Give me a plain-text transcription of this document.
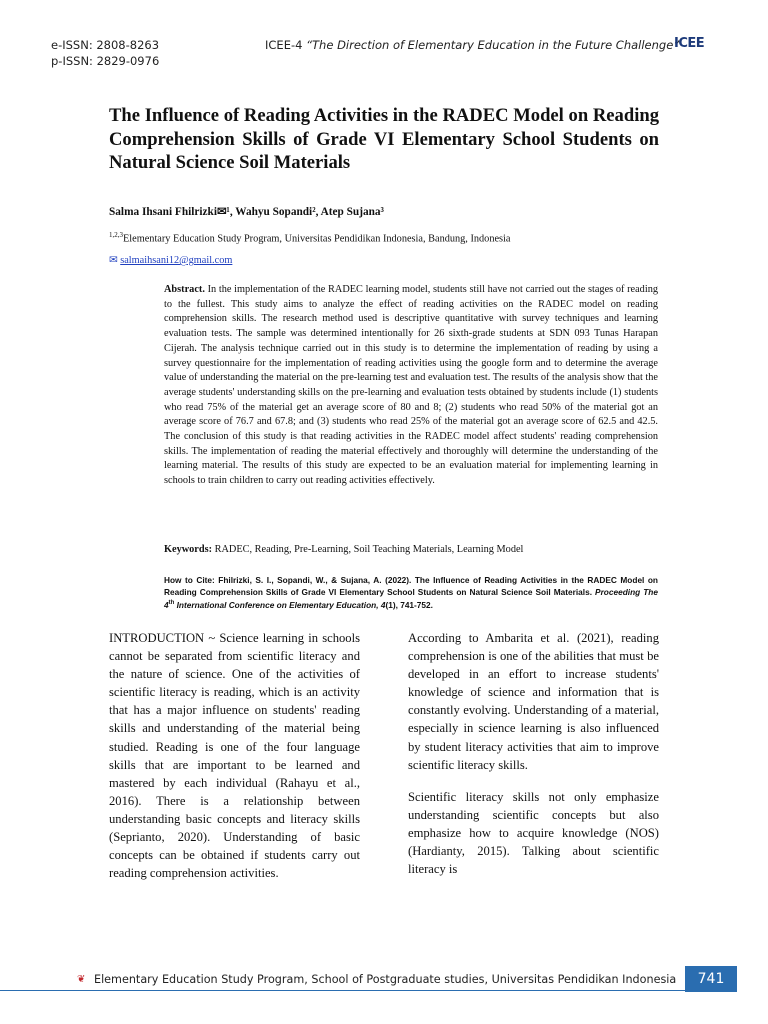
e-ISSN: 2808-8263
p-ISSN: 2829-0976
ICEE-4 “The Direction of Elementary Education in the Future Challenge”
ICEE
The Influence of Reading Activities in the RADEC Model on Reading Comprehension Skills of Grade VI Elementary School Students on Natural Science Soil Materials
Salma Ihsani Fhilrizki✉¹, Wahyu Sopandi², Atep Sujana³
$^{1,2,3}$Elementary Education Study Program, Universitas Pendidikan Indonesia, Bandung, Indonesia
✉ salmaihsani12@gmail.com
Abstract. In the implementation of the RADEC learning model, students still have not carried out the stages of reading to the fullest. This study aims to analyze the effect of reading activities on the RADEC model on reading comprehension skills. The research method used is descriptive quantitative with survey techniques and learning evaluation tests. The sample was determined intentionally for 26 sixth-grade students at SDN 093 Tunas Harapan Cijerah. The analysis technique carried out in this study is to determine the implementation of reading by using a survey questionnaire for the implementation of reading activities using the google form and to determine the average value of understanding the material on the pre-learning test and evaluation test. The results of the analysis show that the average students' understanding skills on the pre-learning and evaluation tests obtained by students include (1) students who read 75% of the material get an average score of 80 and 8; (2) students who read 50% of the material got an average score of 76.7 and 67.8; and (3) students who read 25% of the material got an average score of 62.5 and 42.5. The conclusion of this study is that reading activities in the RADEC model affect students' reading comprehension skills. The implementation of reading the material effectively and thoroughly will determine the understanding of the learning material. The results of this study are expected to be an evaluation material for implementing learning in schools to train children to carry out reading activities effectively.
Keywords: RADEC, Reading, Pre-Learning, Soil Teaching Materials, Learning Model
How to Cite: Fhilrizki, S. I., Sopandi, W., & Sujana, A. (2022). The Influence of Reading Activities in the RADEC Model on Reading Comprehension Skills of Grade VI Elementary School Students on Natural Science Soil Materials. Proceeding The 4th International Conference on Elementary Education, 4(1), 741-752.

INTRODUCTION ~ Science learning in schools cannot be separated from scientific literacy and the nature of science. One of the activities of scientific literacy is reading, which is an activity that has a major influence on students' reading skills and understanding of the material being studied. Reading is one of the four language skills that are important to be learned and mastered by each individual (Rahayu et al., 2016). There is a relationship between understanding basic concepts and literacy skills (Seprianto, 2020). Understanding of basic concepts can be obtained if students carry out reading comprehension activities.

According to Ambarita et al. (2021), reading comprehension is one of the abilities that must be developed in an effort to increase students' knowledge of science and information that is constantly evolving. Understanding of a material, especially in science learning is also influenced by student literacy activities that aim to improve scientific literacy skills.

Scientific literacy skills not only emphasize understanding scientific concepts but also emphasize how to acquire knowledge (NOS) (Hardianty, 2015). Talking about scientific literacy is

❦ Elementary Education Study Program, School of Postgraduate studies, Universitas Pendidikan Indonesia	741
